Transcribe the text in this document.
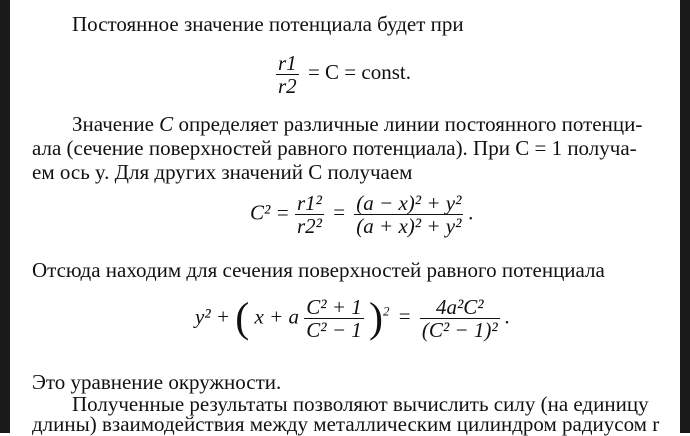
Постоянное значение потенциала будет при
$\frac{r1}{r2} = C$ = const.
Значение C определяет различные линии постоянного потенци-
ала (сечение поверхностей равного потенциала). При C = 1 получа-
ем ось y. Для других значений C получаем
$C^2 = \frac{\text{r1²}}{\text{r2²}} = \frac{\text{(a − x)² + y²}}{\text{(a + x)² + y²}}$ .
Отсюда находим для сечения поверхностей равного потенциала
y² + ( x + a $\frac{\text{C² + 1}}{\text{C² − 1}} )^2 = \frac{\text{4a²C²}}{\text{(C² − 1)²}}$ .
Это уравнение окружности.
Полученные результаты позволяют вычислить силу (на единицу
длины) взаимодействия между металлическим цилиндром радиусом r
